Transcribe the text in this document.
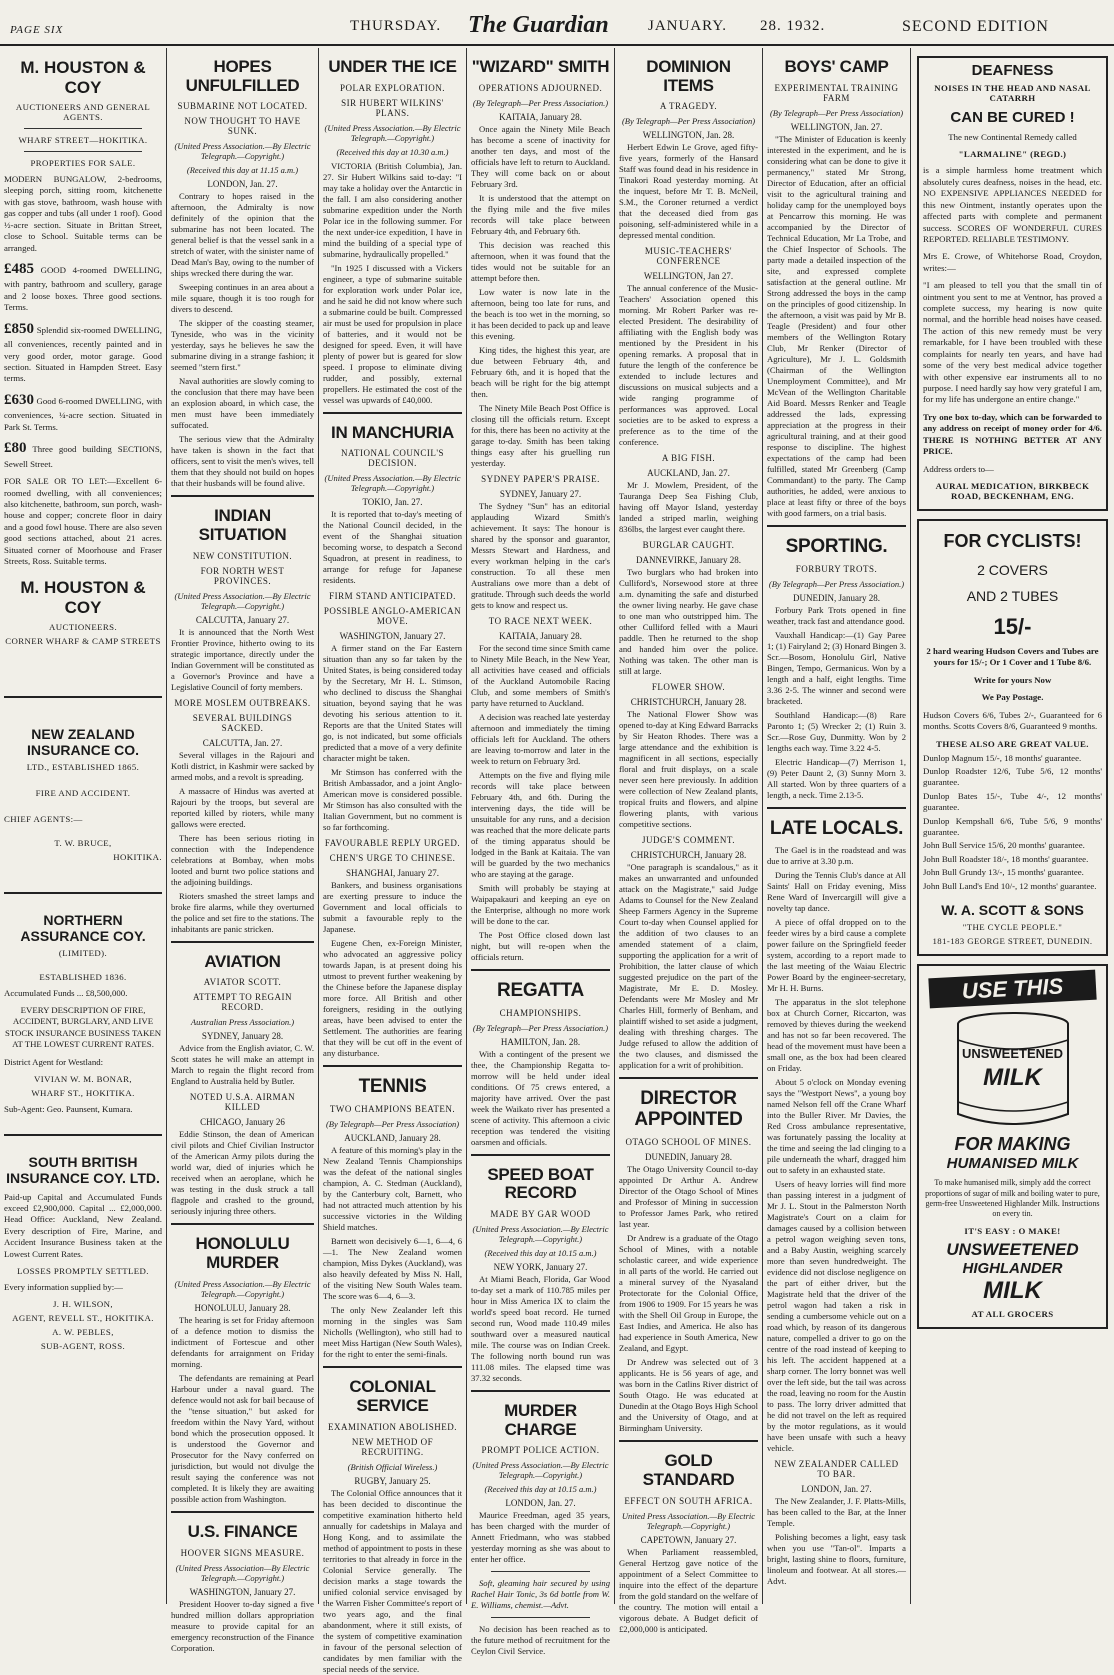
PAGE SIX	THURSDAY. The Guardian	JANUARY. 28. 1932.	SECOND EDITION
M. HOUSTON & COY
AUCTIONEERS AND GENERAL AGENTS.
WHARF STREET—HOKITIKA.
PROPERTIES FOR SALE.
MODERN BUNGALOW, 2-bedrooms, sleeping porch, sitting room, kitchenette with gas stove, bathroom, wash house with gas copper and tubs (all under 1 roof). Good ½-acre section. Situate in Brittan Street, close to School. Suitable terms can be arranged.
£485 GOOD 4-roomed DWELLING, with pantry, bathroom and scullery, garage and 2 loose boxes. Three good sections. Terms.
£850 Splendid six-roomed DWELLING, all conveniences, recently painted and in very good order, motor garage. Good section. Situated in Hampden Street. Easy terms.
£630 Good 6-roomed DWELLING, with conveniences, ¼-acre section. Situated in Park St. Terms.
£80 Three good building SECTIONS, Sewell Street.
FOR SALE OR TO LET:—Excellent 6-roomed dwelling, with all conveniences; also kitchenette, bathroom, sun porch, wash-house and copper; concrete floor in dairy and a good fowl house. There are also seven good sections attached, about 21 acres. Situated corner of Moorhouse and Fraser Streets, Ross. Suitable terms.
M. HOUSTON & COY
AUCTIONEERS.
CORNER WHARF & CAMP STREETS
NEW ZEALAND INSURANCE CO.
LTD., ESTABLISHED 1865.
FIRE AND ACCIDENT.
CHIEF AGENTS:—
T. W. BRUCE,
HOKITIKA.
NORTHERN ASSURANCE COY.
(LIMITED).
ESTABLISHED 1836.
Accumulated Funds ... £8,500,000.
EVERY DESCRIPTION OF FIRE, ACCIDENT, BURGLARY, AND LIVE STOCK INSURANCE BUSINESS TAKEN AT THE LOWEST CURRENT RATES.
District Agent for Westland:
VIVIAN W. M. BONAR,
WHARF ST., HOKITIKA.
Sub-Agent: Geo. Paunsent, Kumara.
SOUTH BRITISH INSURANCE COY. LTD.
Paid-up Capital and Accumulated Funds exceed £2,900,000. Capital ... £2,000,000. Head Office: Auckland, New Zealand. Every description of Fire, Marine, and Accident Insurance Business taken at the Lowest Current Rates.
LOSSES PROMPTLY SETTLED.
Every information supplied by:—
J. H. WILSON,
AGENT, REVELL ST., HOKITIKA.
A. W. PEBLES,
SUB-AGENT, ROSS.
HOPES UNFULFILLED
SUBMARINE NOT LOCATED.
NOW THOUGHT TO HAVE SUNK.
(United Press Association.—By Electric Telegraph.—Copyright.)
(Received this day at 11.15 a.m.)
LONDON, Jan. 27.

Contrary to hopes raised in the afternoon, the Admiralty is now definitely of the opinion that the submarine has not been located. The general belief is that the vessel sank in a stretch of water, with the sinister name of Dead Man's Bay, owing to the number of ships wrecked there during the war.

Sweeping continues in an area about a mile square, though it is too rough for divers to descend.

The skipper of the coasting steamer, Tyneside, who was in the vicinity yesterday, says he believes he saw the submarine diving in a strange fashion; it seemed "stern first."

Naval authorities are slowly coming to the conclusion that there may have been an explosion aboard, in which case, the men must have been immediately suffocated.

The serious view that the Admiralty have taken is shown in the fact that officers, sent to visit the men's wives, tell them that they should not build on hopes that their husbands will be found alive.

INDIAN SITUATION
NEW CONSTITUTION.
FOR NORTH WEST PROVINCES.
(United Press Association.—By Electric Telegraph.—Copyright.)
CALCUTTA, January 27.

It is announced that the North West Frontier Province, hitherto owing to its strategic importance, directly under the Indian Government will be constituted as a Governor's Province and have a Legislative Council of forty members.

MORE MOSLEM OUTBREAKS.
SEVERAL BUILDINGS SACKED.
CALCUTTA, Jan. 27.

Several villages in the Rajouri and Kotli district, in Kashmir were sacked by armed mobs, and a revolt is spreading.

A massacre of Hindus was averted at Rajouri by the troops, but several are reported killed by rioters, while many gallows were erected.

There has been serious rioting in connection with the Independence celebrations at Bombay, when mobs looted and burnt two police stations and the adjoining buildings.

Rioters smashed the street lamps and broke fire alarms, while they overturned the police and set fire to the stations. The inhabitants are panic stricken.

AVIATION
AVIATOR SCOTT.
ATTEMPT TO REGAIN RECORD.
Australian Press Association.)
SYDNEY, January 28.

Advice from the English aviator, C. W. Scott states he will make an attempt in March to regain the flight record from England to Australia held by Butler.

NOTED U.S.A. AIRMAN KILLED
CHICAGO, January 26

Eddie Stinson, the dean of American civil pilots and Chief Civilian Instructor of the American Army pilots during the world war, died of injuries which he received when an aeroplane, which he was testing in the dusk struck a tall flagpole and crashed to the ground, seriously injuring three others.

HONOLULU MURDER
(United Press Association.—By Electric Telegraph.—Copyright.)
HONOLULU, January 28.

The hearing is set for Friday afternoon of a defence motion to dismiss the indictment of Fortescue and other defendants for arraignment on Friday morning.

The defendants are remaining at Pearl Harbour under a naval guard. The defence would not ask for bail because of the "tense situation," but asked for freedom within the Navy Yard, without bond which the prosecution opposed. It is understood the Governor and Prosecutor for the Navy conferred on jurisdiction, but would not divulge the result saying the conference was not completed. It is likely they are awaiting possible action from Washington.

U.S. FINANCE
HOOVER SIGNS MEASURE.
(United Press Association—By Electric Telegraph.—Copyright.)
WASHINGTON, January 27.

President Hoover to-day signed a five hundred million dollars appropriation measure to provide capital for an emergency reconstruction of the Finance Corporation.

UNDER THE ICE
POLAR EXPLORATION.
SIR HUBERT WILKINS' PLANS.
(United Press Association.—By Electric Telegraph.—Copyright.)
(Received this day at 10.30 a.m.)

VICTORIA (British Columbia), Jan. 27. Sir Hubert Wilkins said to-day: "I may take a holiday over the Antarctic in the fall. I am also considering another submarine expedition under the North Polar ice in the following summer. For the next under-ice expedition, I have in mind the building of a special type of submarine, hydraulically propelled."

"In 1925 I discussed with a Vickers engineer, a type of submarine suitable for exploration work under Polar ice, and he said he did not know where such a submarine could be built. Compressed air must be used for propulsion in place of batteries, and it would not be designed for speed. Even, it will have plenty of power but is geared for slow speed. I propose to eliminate diving rudder, and possibly, external propellers. He estimated the cost of the vessel was upwards of £40,000.

IN MANCHURIA
NATIONAL COUNCIL'S DECISION.
(United Press Association.—By Electric Telegraph.—Copyright.)
TOKIO, Jan. 27.

It is reported that to-day's meeting of the National Council decided, in the event of the Shanghai situation becoming worse, to despatch a Second Squadron, at present in readiness, to arrange for refuge for Japanese residents.

FIRM STAND ANTICIPATED.
POSSIBLE ANGLO-AMERICAN MOVE.
WASHINGTON, January 27.

A firmer stand on the Far Eastern situation than any so far taken by the United States, is being considered today by the Secretary, Mr H. L. Stimson, who declined to discuss the Shanghai situation, beyond saying that he was devoting his serious attention to it. Reports are that the United States will go, is not indicated, but some officials predicted that a move of a very definite character might be taken.

Mr Stimson has conferred with the British Ambassador, and a joint Anglo-American move is considered possible. Mr Stimson has also consulted with the Italian Government, but no comment is so far forthcoming.

FAVOURABLE REPLY URGED.
CHEN'S URGE TO CHINESE.
SHANGHAI, January 27.

Bankers, and business organisations are exerting pressure to induce the Government and local officials to submit a favourable reply to the Japanese.

Eugene Chen, ex-Foreign Minister, who advocated an aggressive policy towards Japan, is at present doing his utmost to prevent further weakening by the Chinese before the Japanese display more force. All British and other foreigners, residing in the outlying areas, have been advised to enter the Settlement. The authorities are fearing that they will be cut off in the event of any disturbance.

TENNIS
TWO CHAMPIONS BEATEN.
(By Telegraph—Per Press Association)
AUCKLAND, January 28.

A feature of this morning's play in the New Zealand Tennis Championships was the defeat of the national singles champion, A. C. Stedman (Auckland), by the Canterbury colt, Barnett, who had not attracted much attention by his successive victories in the Wilding Shield matches.

Barnett won decisively 6—1, 6—4, 6—1. The New Zealand women champion, Miss Dykes (Auckland), was also heavily defeated by Miss N. Hall, of the visiting New South Wales team. The score was 6—4, 6—3.

The only New Zealander left this morning in the singles was Sam Nicholls (Wellington), who still had to meet Miss Hartigan (New South Wales), for the right to enter the semi-finals.

COLONIAL SERVICE
EXAMINATION ABOLISHED.
NEW METHOD OF RECRUITING.
(British Official Wireless.)
RUGBY, January 25.

The Colonial Office announces that it has been decided to discontinue the competitive examination hitherto held annually for cadetships in Malaya and Hong Kong, and to assimilate the method of appointment to posts in these territories to that already in force in the Colonial Service generally. The decision marks a stage towards the unified colonial service envisaged by the Warren Fisher Committee's report of two years ago, and the final abandonment, where it still exists, of the system of competitive examination in favour of the personal selection of candidates by men familiar with the special needs of the service.

"WIZARD" SMITH
OPERATIONS ADJOURNED.
(By Telegraph—Per Press Association.)
KAITAIA, January 28.

Once again the Ninety Mile Beach has become a scene of inactivity for another ten days, and most of the officials have left to return to Auckland. They will come back on or about February 3rd.

It is understood that the attempt on the flying mile and the five miles records will take place between February 4th, and February 6th.

This decision was reached this afternoon, when it was found that the tides would not be suitable for an attempt before then.

Low water is now late in the afternoon, being too late for runs, and the beach is too wet in the morning, so it has been decided to pack up and leave this evening.

King tides, the highest this year, are due between February 4th, and February 6th, and it is hoped that the beach will be right for the big attempt then.

The Ninety Mile Beach Post Office is closing till the officials return. Except for this, there has been no activity at the garage to-day. Smith has been taking things easy after his gruelling run yesterday.

SYDNEY PAPER'S PRAISE.
SYDNEY, January 27.

The Sydney "Sun" has an editorial applauding Wizard Smith's achievement. It says: The honour is shared by the sponsor and guarantor, Messrs Stewart and Hardness, and every workman helping in the car's construction. To all these men Australians owe more than a debt of gratitude. Through such deeds the world gets to know and respect us.

TO RACE NEXT WEEK.
KAITAIA, January 28.

For the second time since Smith came to Ninety Mile Beach, in the New Year, all activities have ceased and officials of the Auckland Automobile Racing Club, and some members of Smith's party have returned to Auckland.

A decision was reached late yesterday afternoon and immediately the timing officials left for Auckland. The others are leaving to-morrow and later in the week to return on February 3rd.

Attempts on the five and flying mile records will take place between February 4th, and 6th. During the intervening days, the tide will be unsuitable for any runs, and a decision was reached that the more delicate parts of the timing apparatus should be lodged in the Bank at Kaitaia. The van will be guarded by the two mechanics who are staying at the garage.

Smith will probably be staying at Waipapakauri and keeping an eye on the Enterprise, although no more work will be done to the car.

The Post Office closed down last night, but will re-open when the officials return.

REGATTA
CHAMPIONSHIPS.
(By Telegraph—Per Press Association.)
HAMILTON, Jan. 28.

With a contingent of the present we thee, the Championship Regatta to-morrow will be held under ideal conditions. Of 75 crews entered, a majority have arrived. Over the past week the Waikato river has presented a scene of activity. This afternoon a civic reception was tendered the visiting oarsmen and officials.

SPEED BOAT RECORD
MADE BY GAR WOOD
(United Press Association.—By Electric Telegraph.—Copyright.)
(Received this day at 10.15 a.m.)
NEW YORK, January 27.

At Miami Beach, Florida, Gar Wood to-day set a mark of 110.785 miles per hour in Miss America IX to claim the world's speed boat record. He turned second run, Wood made 110.49 miles southward over a measured nautical mile. The course was on Indian Creek. The following north bound run was 111.08 miles. The elapsed time was 37.32 seconds.

MURDER CHARGE
PROMPT POLICE ACTION.
(United Press Association.—By Electric Telegraph.—Copyright.)
(Received this day at 10.15 a.m.)
LONDON, Jan. 27.

Maurice Freedman, aged 35 years, has been charged with the murder of Annett Friedmann, who was stabbed yesterday morning as she was about to enter her office.

Soft, gleaming hair secured by using Rachel Hair Tonic, 3s 6d bottle from W. E. Williams, chemist.—Advt.

No decision has been reached as to the future method of recruitment for the Ceylon Civil Service.

DOMINION ITEMS
A TRAGEDY.
(By Telegraph—Per Press Association)
WELLINGTON, Jan. 28.

Herbert Edwin Le Grove, aged fifty-five years, formerly of the Hansard Staff was found dead in his residence in Tinakori Road yesterday morning. At the inquest, before Mr T. B. McNeil, S.M., the Coroner returned a verdict that the deceased died from gas poisoning, self-administered while in a depressed mental condition.

MUSIC-TEACHERS' CONFERENCE
WELLINGTON, Jan 27.

The annual conference of the Music-Teachers' Association opened this morning. Mr Robert Parker was re-elected President. The desirability of affiliating with the English body was mentioned by the President in his opening remarks. A proposal that in future the length of the conference be extended to include lectures and discussions on musical subjects and a wide ranging programme of performances was approved. Local societies are to be asked to express a preference as to the time of the conference.

A BIG FISH.
AUCKLAND, Jan. 27.

Mr J. Mowlem, President, of the Tauranga Deep Sea Fishing Club, having off Mayor Island, yesterday landed a striped marlin, weighing 836lbs, the largest ever caught there.

BURGLAR CAUGHT.
DANNEVIRKE, January 28.

Two burglars who had broken into Culliford's, Norsewood store at three a.m. dynamiting the safe and disturbed the owner living nearby. He gave chase to one man who outstripped him. The other Culliford felled with a Mauri paddle. Then he returned to the shop and handed him over the police. Nothing was taken. The other man is still at large.

FLOWER SHOW.
CHRISTCHURCH, January 28.

The National Flower Show was opened to-day at King Edward Barracks by Sir Heaton Rhodes. There was a large attendance and the exhibition is magnificent in all sections, especially floral and fruit displays, on a scale never seen here previously. In addition were collection of New Zealand plants, tropical fruits and flowers, and alpine flowering plants, with various competitive sections.

JUDGE'S COMMENT.
CHRISTCHURCH, January 28.

"One paragraph is scandalous," as it makes an unwarranted and unfounded attack on the Magistrate," said Judge Adams to Counsel for the New Zealand Sheep Farmers Agency in the Supreme Court to-day when Counsel applied for the addition of two clauses to an amended statement of a claim, supporting the application for a writ of Prohibition, the latter clause of which suggested prejudice on the part of the Magistrate, Mr E. D. Mosley. Defendants were Mr Mosley and Mr Charles Hill, formerly of Benham, and plaintiff wished to set aside a judgment, dealing with threshing charges. The Judge refused to allow the addition of the two clauses, and dismissed the application for a writ of prohibition.

DIRECTOR APPOINTED
OTAGO SCHOOL OF MINES.
DUNEDIN, January 28.

The Otago University Council to-day appointed Dr Arthur A. Andrew Director of the Otago School of Mines and Professor of Mining in succession to Professor James Park, who retired last year.

Dr Andrew is a graduate of the Otago School of Mines, with a notable scholastic career, and wide experience in all parts of the world. He carried out a mineral survey of the Nyasaland Protectorate for the Colonial Office, from 1906 to 1909. For 15 years he was with the Shell Oil Group in Europe, the East Indies, and America. He also has had experience in South America, New Zealand, and Egypt.

Dr Andrew was selected out of 3 applicants. He is 56 years of age, and was born in the Catlins River district of South Otago. He was educated at Dunedin at the Otago Boys High School and the University of Otago, and at Birmingham University.

GOLD STANDARD
EFFECT ON SOUTH AFRICA.
United Press Association.—By Electric Telegraph.—Copyright.)
CAPETOWN, January 27.

When Parliament reassembled, General Hertzog gave notice of the appointment of a Select Committee to inquire into the effect of the departure from the gold standard on the welfare of the country. The motion will entail a vigorous debate. A Budget deficit of £2,000,000 is anticipated.

BOYS' CAMP
EXPERIMENTAL TRAINING FARM
(By Telegraph—Per Press Association)
WELLINGTON, Jan. 27.

"The Minister of Education is keenly interested in the experiment, and he is considering what can be done to give it permanency," stated Mr Strong, Director of Education, after an official visit to the agricultural training and holiday camp for the unemployed boys at Pencarrow this morning. He was accompanied by the Director of Technical Education, Mr La Trobe, and the Chief Inspector of Schools. The party made a detailed inspection of the site, and expressed complete satisfaction at the general outline. Mr Strong addressed the boys in the camp on the principles of good citizenship. In the afternoon, a visit was paid by Mr B. Teagle (President) and four other members of the Wellington Rotary Club, Mr Renker (Director of Agriculture), Mr J. L. Goldsmith (Chairman of the Wellington Unemployment Committee), and Mr McVean of the Wellington Charitable Aid Board. Messrs Renker and Teagle addressed the lads, expressing appreciation at the progress in their agricultural training, and at their good response to discipline. The highest expectations of the camp had been fulfilled, stated Mr Greenberg (Camp Commandant) to the party. The Camp authorities, he added, were anxious to place at least fifty or three of the boys with good farmers, on a trial basis.

SPORTING.
FORBURY TROTS.
(By Telegraph—Per Press Association.)
DUNEDIN, January 28.

Forbury Park Trots opened in fine weather, track fast and attendance good.

Vauxhall Handicap:—(1) Gay Paree 1; (1) Fairyland 2; (3) Honard Bingen 3. Scr.—Bosom, Honolulu Girl, Native Bingen, Tempo, Germanicus. Won by a length and a half, eight lengths. Time 3.36 2-5. The winner and second were bracketed.

Southland Handicap:—(8) Rare Paronto 1; (5) Wrecker 2; (1) Ruin 3. Scr.—Rose Guy, Dunmitty. Won by 2 lengths each way. Time 3.22 4-5.

Electric Handicap—(7) Merrison 1, (9) Peter Daunt 2, (3) Sunny Morn 3. All started. Won by three quarters of a length, a neck. Time 2.13-5.

LATE LOCALS.

The Gael is in the roadstead and was due to arrive at 3.30 p.m.

During the Tennis Club's dance at All Saints' Hall on Friday evening, Miss Rene Ward of Invercargill will give a novelty tap dance.

A piece of offal dropped on to the feeder wires by a bird cause a complete power failure on the Springfield feeder system, according to a report made to the last meeting of the Waiau Electric Power Board by the engineer-secretary, Mr H. H. Burns.

The apparatus in the slot telephone box at Church Corner, Riccarton, was removed by thieves during the weekend and has not so far been recovered. The head of the movement must have been a small one, as the box had been cleared on Friday.

About 5 o'clock on Monday evening says the "Westport News", a young boy named Nelson fell off the Crane Wharf into the Buller River. Mr Davies, the Red Cross ambulance representative, was fortunately passing the locality at the time and seeing the lad clinging to a pile underneath the wharf, dragged him out to safety in an exhausted state.

Users of heavy lorries will find more than passing interest in a judgment of Mr J. L. Stout in the Palmerston North Magistrate's Court on a claim for damages caused by a collision between a petrol wagon weighing seven tons, and a Baby Austin, weighing scarcely more than seven hundredweight. The evidence did not disclose negligence on the part of either driver, but the Magistrate held that the driver of the petrol wagon had taken a risk in sending a cumbersome vehicle out on a road which, by reason of its dangerous nature, compelled a driver to go on the centre of the road instead of keeping to his left. The accident happened at a sharp corner. The lorry bonnet was well over the left side, but the tail was across the road, leaving no room for the Austin to pass. The lorry driver admitted that he did not travel on the left as required by the motor regulations, as it would have been unsafe with such a heavy vehicle.

NEW ZEALANDER CALLED TO BAR.
LONDON, Jan. 27.

The New Zealander, J. F. Platts-Mills, has been called to the Bar, at the Inner Temple.

Polishing becomes a light, easy task when you use "Tan-ol". Imparts a bright, lasting shine to floors, furniture, linoleum and footwear. At all stores.—Advt.

DEAFNESS
NOISES IN THE HEAD AND NASAL CATARRH
CAN BE CURED !
The new Continental Remedy called
"LARMALINE" (REGD.)
is a simple harmless home treatment which absolutely cures deafness, noises in the head, etc. NO EXPENSIVE APPLIANCES NEEDED for this new Ointment, instantly operates upon the affected parts with complete and permanent success. SCORES OF WONDERFUL CURES REPORTED. RELIABLE TESTIMONY.
Mrs E. Crowe, of Whitehorse Road, Croydon, writes:—
"I am pleased to tell you that the small tin of ointment you sent to me at Ventnor, has proved a complete success, my hearing is now quite normal, and the horrible head noises have ceased. The action of this new remedy must be very remarkable, for I have been troubled with these complaints for nearly ten years, and have had some of the very best medical advice together with other expensive ear instruments all to no purpose. I need hardly say how very grateful I am, for my life has undergone an entire change."
Try one box to-day, which can be forwarded to any address on receipt of money order for 4/6. THERE IS NOTHING BETTER AT ANY PRICE.
Address orders to—
AURAL MEDICATION, BIRKBECK ROAD, BECKENHAM, ENG.
FOR CYCLISTS!
2 COVERS
AND 2 TUBES
15/-
2 hard wearing Hudson Covers and Tubes are yours for 15/-; Or 1 Cover and 1 Tube 8/6.
Write for yours Now
We Pay Postage.
Hudson Covers 6/6, Tubes 2/-, Guaranteed for 6 months. Scotts Covers 8/6, Guaranteed 9 months.
THESE ALSO ARE GREAT VALUE.
Dunlop Magnum 15/-, 18 months' guarantee.
Dunlop Roadster 12/6, Tube 5/6, 12 months' guarantee.
Dunlop Bates 15/-, Tube 4/-, 12 months' guarantee.
Dunlop Kempshall 6/6, Tube 5/6, 9 months' guarantee.
John Bull Service 15/6, 20 months' guarantee.
John Bull Roadster 18/-, 18 months' guarantee.
John Bull Grundy 13/-, 15 months' guarantee.
John Bull Land's End 10/-, 12 months' guarantee.
W. A. SCOTT & SONS
"THE CYCLE PEOPLE."
181-183 GEORGE STREET, DUNEDIN.
USE THIS
UNSWEETENED
MILK
FOR MAKING
HUMANISED MILK
To make humanised milk, simply add the correct proportions of sugar of milk and boiling water to pure, germ-free Unsweetened Highlander Milk. Instructions on every tin.
IT'S EASY : O MAKE!
UNSWEETENED
HIGHLANDER
MILK
AT ALL GROCERS
